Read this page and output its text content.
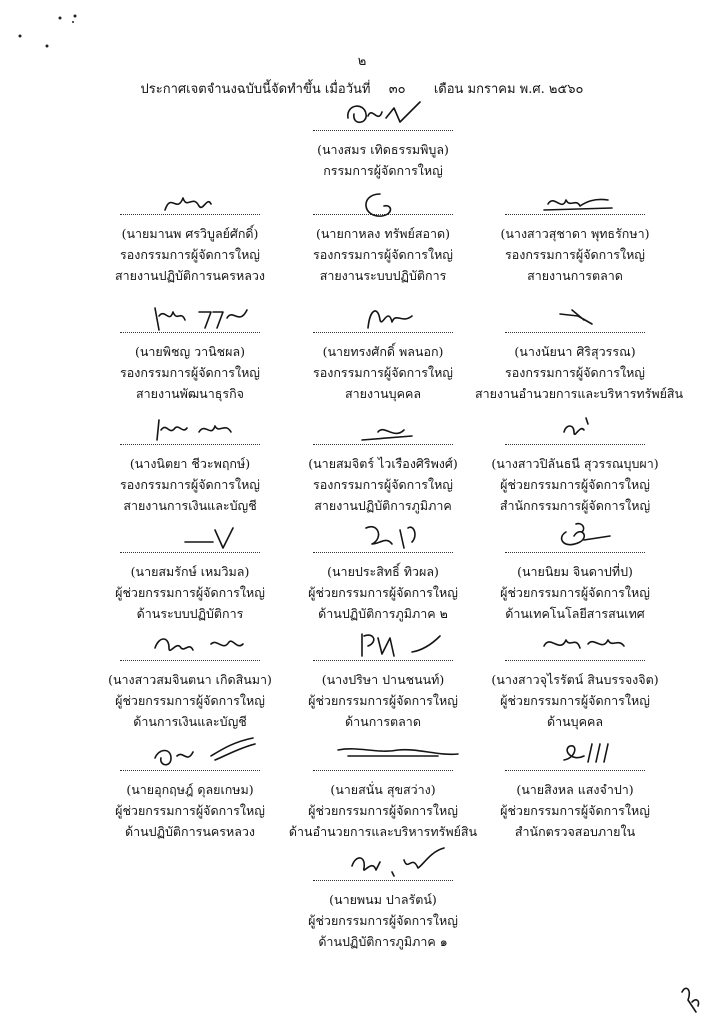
๒
ประกาศเจตจำนงฉบับนี้จัดทำขึ้น เมื่อวันที่ ๓๐ เดือน มกราคม พ.ศ. ๒๕๖๐
(นางสมร เทิดธรรมพิบูล)
กรรมการผู้จัดการใหญ่
(นายมานพ ศรวิบูลย์ศักดิ์)
รองกรรมการผู้จัดการใหญ่
สายงานปฏิบัติการนครหลวง
(นายกาหลง ทรัพย์สอาด)
รองกรรมการผู้จัดการใหญ่
สายงานระบบปฏิบัติการ
(นางสาวสุชาดา พุทธรักษา)
รองกรรมการผู้จัดการใหญ่
สายงานการตลาด
(นายพิชญ วานิชผล)
รองกรรมการผู้จัดการใหญ่
สายงานพัฒนาธุรกิจ
(นายทรงศักดิ์ พลนอก)
รองกรรมการผู้จัดการใหญ่
สายงานบุคคล
(นางนัยนา ศิริสุวรรณ)
รองกรรมการผู้จัดการใหญ่
สายงานอำนวยการและบริหารทรัพย์สิน
(นางนิตยา ชีวะพฤกษ์)
รองกรรมการผู้จัดการใหญ่
สายงานการเงินและบัญชี
(นายสมจิตร์ ไวเรืองศิริพงศ์)
รองกรรมการผู้จัดการใหญ่
สายงานปฏิบัติการภูมิภาค
(นางสาวปิลันธนี สุวรรณบุบผา)
ผู้ช่วยกรรมการผู้จัดการใหญ่
สำนักกรรมการผู้จัดการใหญ่
(นายสมรักษ์ เหมวิมล)
ผู้ช่วยกรรมการผู้จัดการใหญ่
ด้านระบบปฏิบัติการ
(นายประสิทธิ์ ทิวผล)
ผู้ช่วยกรรมการผู้จัดการใหญ่
ด้านปฏิบัติการภูมิภาค ๒
(นายนิยม จินดาปที่ป)
ผู้ช่วยกรรมการผู้จัดการใหญ่
ด้านเทคโนโลยีสารสนเทศ
(นางสาวสมจินตนา เกิดสินมา)
ผู้ช่วยกรรมการผู้จัดการใหญ่
ด้านการเงินและบัญชี
(นางปริษา ปานชนนท์)
ผู้ช่วยกรรมการผู้จัดการใหญ่
ด้านการตลาด
(นางสาวจุไรรัตน์ สินบรรจงจิต)
ผู้ช่วยกรรมการผู้จัดการใหญ่
ด้านบุคคล
(นายอุกฤษฎ์ ดุลยเกษม)
ผู้ช่วยกรรมการผู้จัดการใหญ่
ด้านปฏิบัติการนครหลวง
(นายสนั่น สุขสว่าง)
ผู้ช่วยกรรมการผู้จัดการใหญ่
ด้านอำนวยการและบริหารทรัพย์สิน
(นายสิงหล แสงจำปา)
ผู้ช่วยกรรมการผู้จัดการใหญ่
สำนักตรวจสอบภายใน
(นายพนม ปาลรัตน์)
ผู้ช่วยกรรมการผู้จัดการใหญ่
ด้านปฏิบัติการภูมิภาค ๑
